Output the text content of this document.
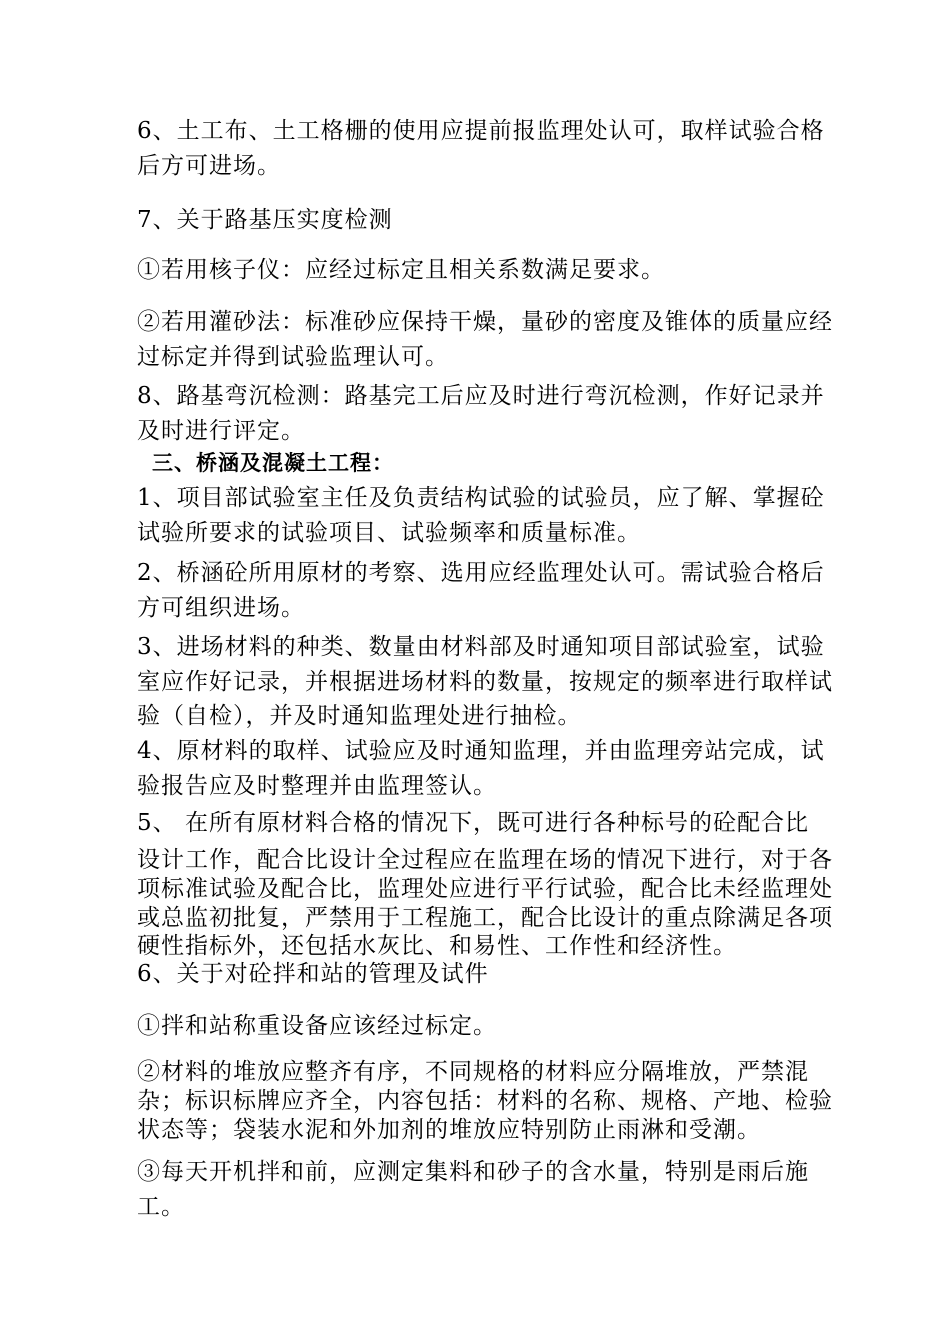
6、土工布、土工格栅的使用应提前报监理处认可，取样试验合格后方可进场。

7、关于路基压实度检测

①若用核子仪：应经过标定且相关系数满足要求。

②若用灌砂法：标准砂应保持干燥，量砂的密度及锥体的质量应经过标定并得到试验监理认可。

8、路基弯沉检测：路基完工后应及时进行弯沉检测，作好记录并及时进行评定。

三、桥涵及混凝土工程：

1、项目部试验室主任及负责结构试验的试验员，应了解、掌握砼试验所要求的试验项目、试验频率和质量标准。

2、桥涵砼所用原材的考察、选用应经监理处认可。需试验合格后方可组织进场。

3、进场材料的种类、数量由材料部及时通知项目部试验室，试验室应作好记录，并根据进场材料的数量，按规定的频率进行取样试验（自检），并及时通知监理处进行抽检。

4、原材料的取样、试验应及时通知监理，并由监理旁站完成，试验报告应及时整理并由监理签认。

5、 在所有原材料合格的情况下，既可进行各种标号的砼配合比

设计工作，配合比设计全过程应在监理在场的情况下进行，对于各项标准试验及配合比，监理处应进行平行试验，配合比未经监理处或总监初批复，严禁用于工程施工，配合比设计的重点除满足各项硬性指标外，还包括水灰比、和易性、工作性和经济性。

6、关于对砼拌和站的管理及试件

①拌和站称重设备应该经过标定。

②材料的堆放应整齐有序，不同规格的材料应分隔堆放，严禁混杂；标识标牌应齐全，内容包括：材料的名称、规格、产地、检验状态等；袋装水泥和外加剂的堆放应特别防止雨淋和受潮。

③每天开机拌和前，应测定集料和砂子的含水量，特别是雨后施工。
